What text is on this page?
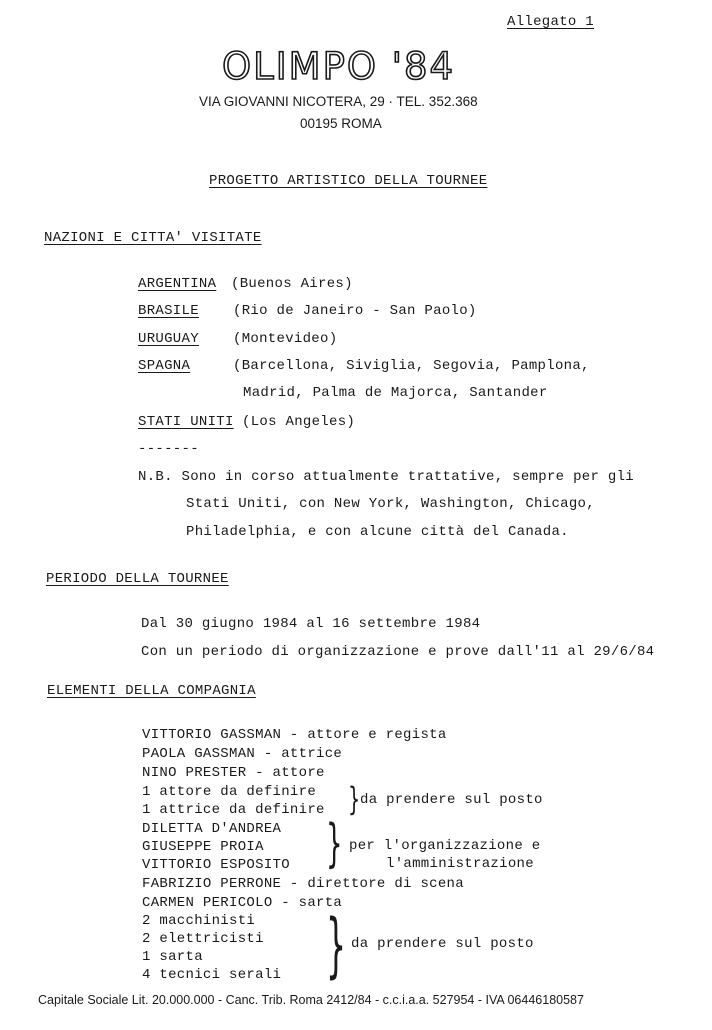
Allegato 1
OLIMPO '84
VIA GIOVANNI NICOTERA, 29 · TEL. 352.368
00195 ROMA
PROGETTO ARTISTICO DELLA TOURNEE
NAZIONI E CITTA' VISITATE
ARGENTINA (Buenos Aires)
BRASILE (Rio de Janeiro - San Paolo)
URUGUAY (Montevideo)
SPAGNA	(Barcellona, Siviglia, Segovia, Pamplona,
Madrid, Palma de Majorca, Santander
STATI UNITI (Los Angeles)
-------
N.B. Sono in corso attualmente trattative, sempre per gli
Stati Uniti, con New York, Washington, Chicago,
Philadelphia, e con alcune città del Canada.
PERIODO DELLA TOURNEE
Dal 30 giugno 1984 al 16 settembre 1984
Con un periodo di organizzazione e prove dall'11 al 29/6/84
ELEMENTI DELLA COMPAGNIA
VITTORIO GASSMAN - attore e regista
PAOLA GASSMAN - attrice
NINO PRESTER - attore
1 attore da definire
1 attrice da definire
DILETTA D'ANDREA
GIUSEPPE PROIA
VITTORIO ESPOSITO
FABRIZIO PERRONE - direttore di scena
CARMEN PERICOLO - sarta
2 macchinisti
2 elettricisti
1 sarta
4 tecnici serali
} da prendere sul posto
} per l'organizzazione e
l'amministrazione
} da prendere sul posto
Capitale Sociale Lit. 20.000.000 - Canc. Trib. Roma 2412/84 - c.c.i.a.a. 527954 - IVA 06446180587
